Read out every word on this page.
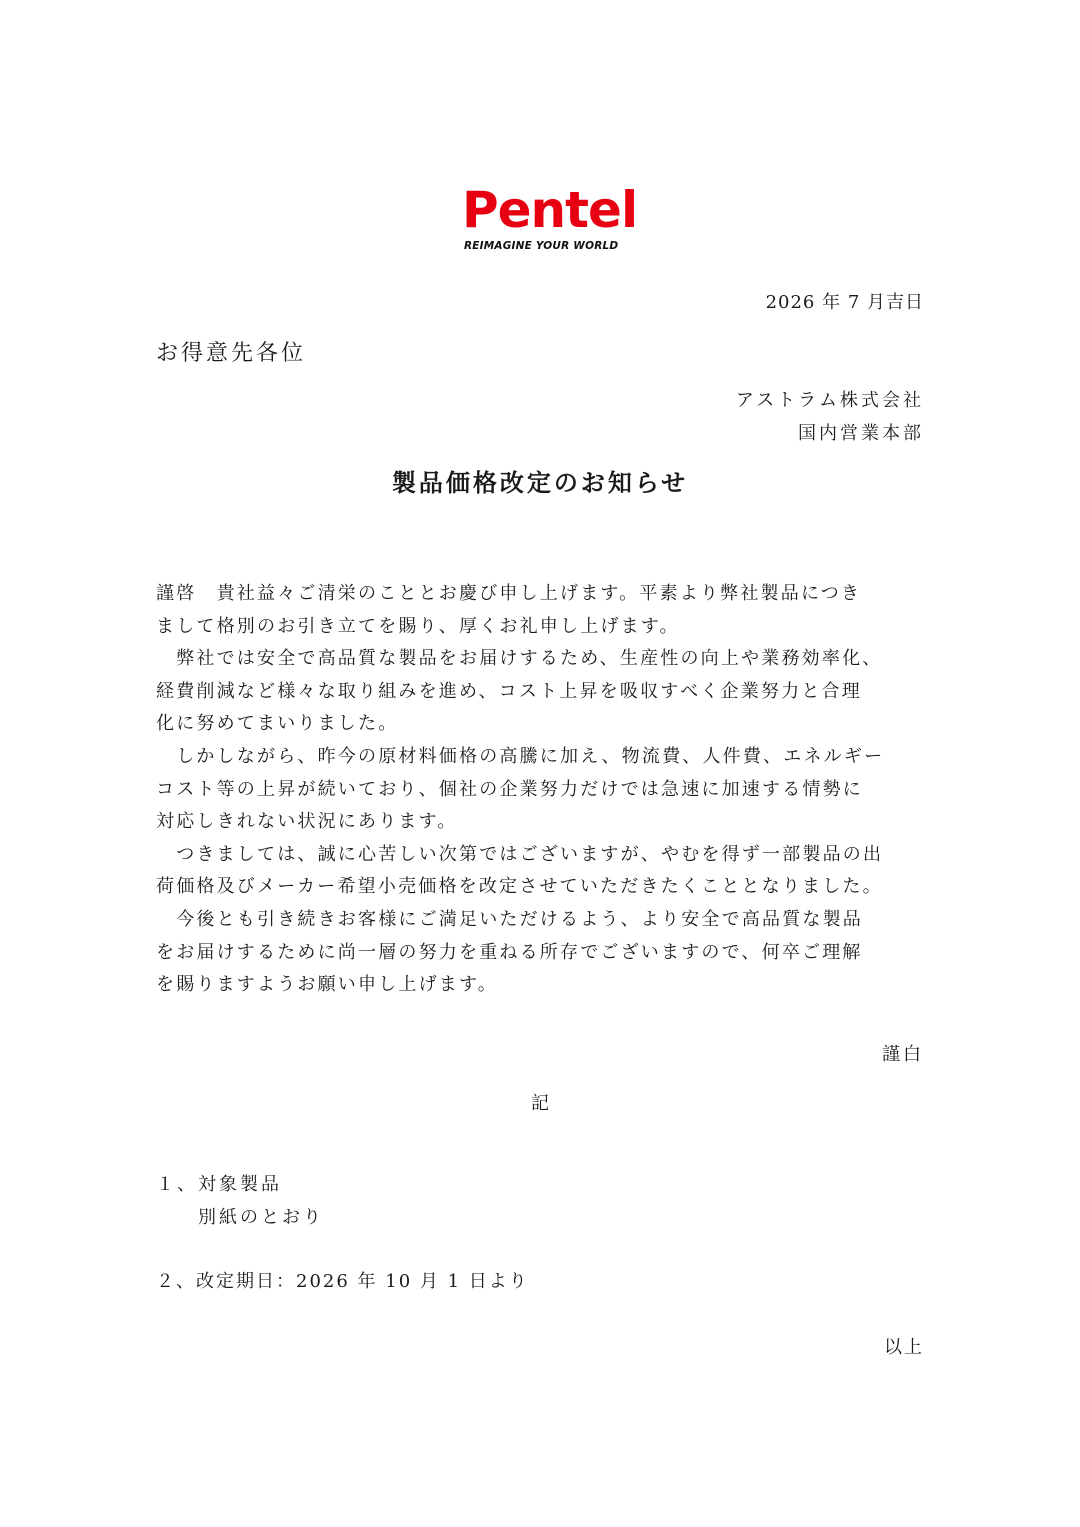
Pentel
REIMAGINE YOUR WORLD
2026 年 7 月吉日
お得意先各位
アストラム株式会社
国内営業本部
製品価格改定のお知らせ
謹啓　貴社益々ご清栄のこととお慶び申し上げます。平素より弊社製品につき
まして格別のお引き立てを賜り、厚くお礼申し上げます。
　弊社では安全で高品質な製品をお届けするため、生産性の向上や業務効率化、
経費削減など様々な取り組みを進め、コスト上昇を吸収すべく企業努力と合理
化に努めてまいりました。
　しかしながら、昨今の原材料価格の高騰に加え、物流費、人件費、エネルギー
コスト等の上昇が続いており、個社の企業努力だけでは急速に加速する情勢に
対応しきれない状況にあります。
　つきましては、誠に心苦しい次第ではございますが、やむを得ず一部製品の出
荷価格及びメーカー希望小売価格を改定させていただきたくこととなりました。
　今後とも引き続きお客様にご満足いただけるよう、より安全で高品質な製品
をお届けするために尚一層の努力を重ねる所存でございますので、何卒ご理解
を賜りますようお願い申し上げます。
謹白
記
１、対象製品
別紙のとおり
２、改定期日：2026 年 10 月 1 日より
以上
